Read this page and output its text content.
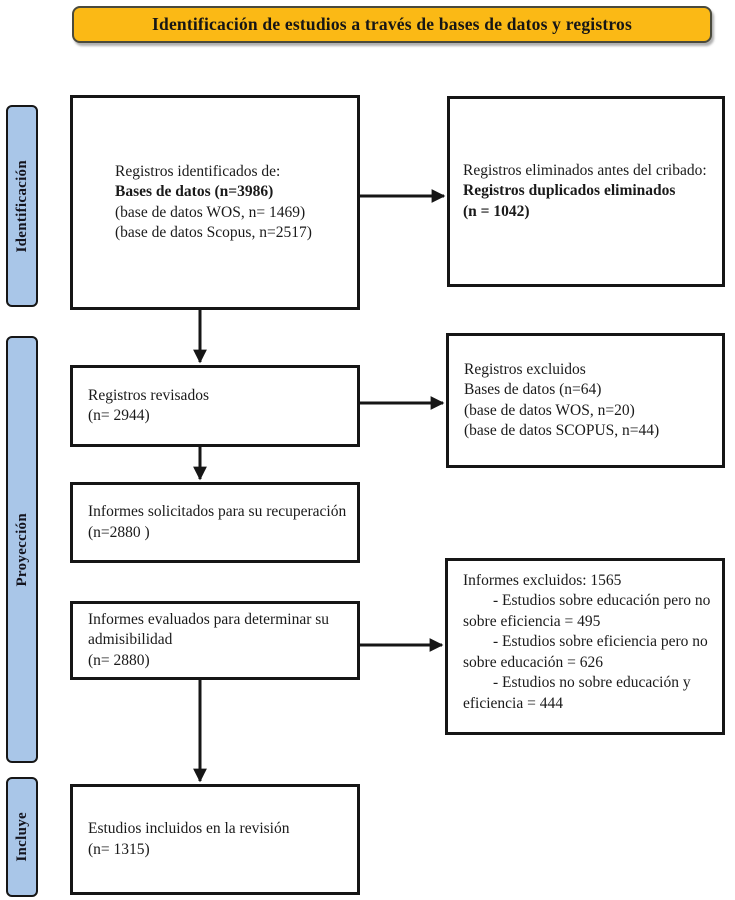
Identificación de estudios a través de bases de datos y registros
Identificación
Proyección
Incluye

Registros identificados de:

Bases de datos (n=3986)

(base de datos WOS, n= 1469)

(base de datos Scopus, n=2517)

Registros eliminados antes del cribado:

Registros duplicados eliminados

(n = 1042)

Registros revisados

(n= 2944)

Registros excluidos

Bases de datos (n=64)

(base de datos WOS, n=20)

(base de datos SCOPUS, n=44)

Informes solicitados para su recuperación

(n=2880 )

Informes evaluados para determinar su admisibilidad

(n= 2880)

Informes excluidos: 1565

- Estudios sobre educación pero no sobre eficiencia = 495

- Estudios sobre eficiencia pero no sobre educación = 626

- Estudios no sobre educación y eficiencia = 444

Estudios incluidos en la revisión

(n= 1315)
